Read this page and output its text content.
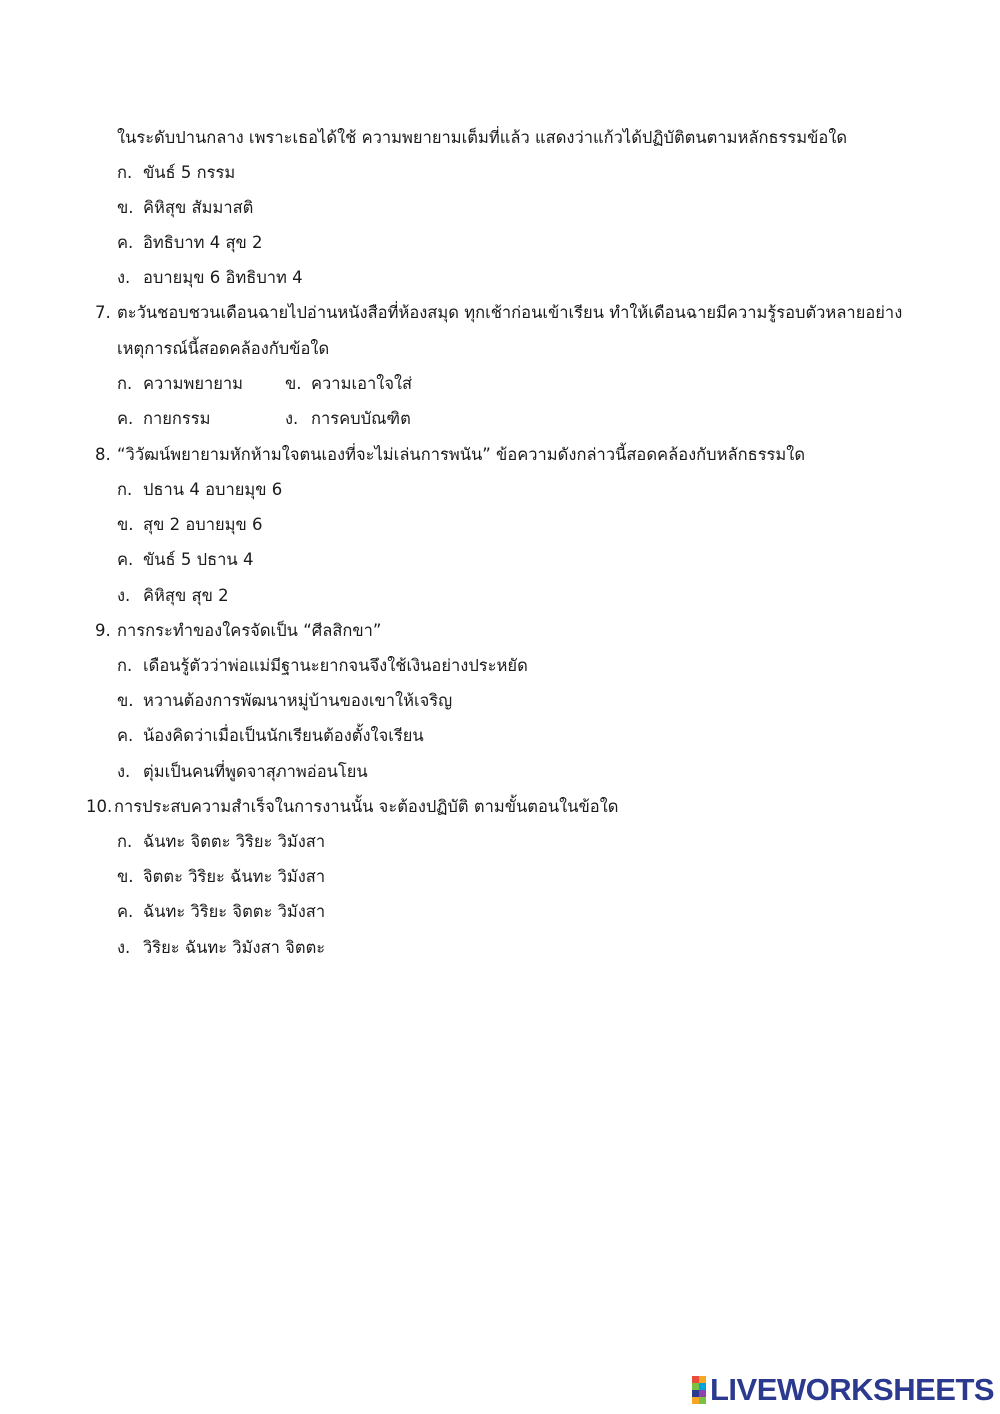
ในระดับปานกลาง เพราะเธอได้ใช้ ความพยายามเต็มที่แล้ว แสดงว่าแก้วได้ปฏิบัติตนตามหลักธรรมข้อใด
ก. ขันธ์ 5 กรรม
ข. คิหิสุข สัมมาสติ
ค. อิทธิบาท 4 สุข 2
ง. อบายมุข 6 อิทธิบาท 4
7. ตะวันชอบชวนเดือนฉายไปอ่านหนังสือที่ห้องสมุด ทุกเช้าก่อนเข้าเรียน ทำให้เดือนฉายมีความรู้รอบตัวหลายอย่าง
เหตุการณ์นี้สอดคล้องกับข้อใด
ก. ความพยายาม	ข. ความเอาใจใส่
ค. กายกรรม	ง. การคบบัณฑิต
8. “วิวัฒน์พยายามหักห้ามใจตนเองที่จะไม่เล่นการพนัน” ข้อความดังกล่าวนี้สอดคล้องกับหลักธรรมใด
ก. ปธาน 4 อบายมุข 6
ข. สุข 2 อบายมุข 6
ค. ขันธ์ 5 ปธาน 4
ง. คิหิสุข สุข 2
9. การกระทำของใครจัดเป็น “ศีลสิกขา”
ก. เดือนรู้ตัวว่าพ่อแม่มีฐานะยากจนจึงใช้เงินอย่างประหยัด
ข. หวานต้องการพัฒนาหมู่บ้านของเขาให้เจริญ
ค. น้องคิดว่าเมื่อเป็นนักเรียนต้องตั้งใจเรียน
ง. ตุ่มเป็นคนที่พูดจาสุภาพอ่อนโยน
10. การประสบความสำเร็จในการงานนั้น จะต้องปฏิบัติ ตามขั้นตอนในข้อใด
ก. ฉันทะ จิตตะ วิริยะ วิมังสา
ข. จิตตะ วิริยะ ฉันทะ วิมังสา
ค. ฉันทะ วิริยะ จิตตะ วิมังสา
ง. วิริยะ ฉันทะ วิมังสา จิตตะ
LIVEWORKSHEETS
